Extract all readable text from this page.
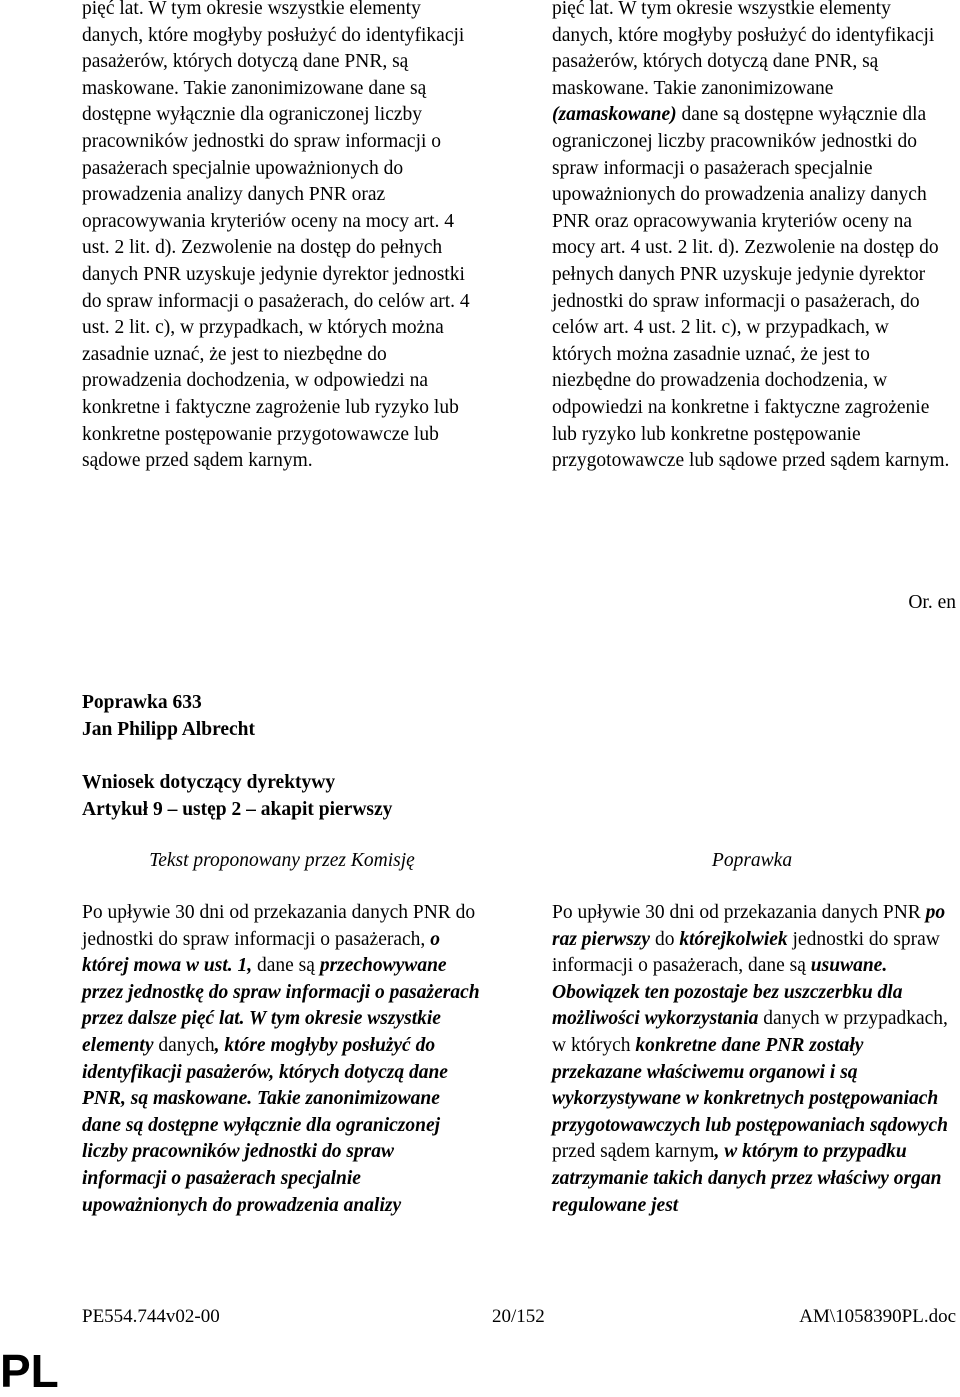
pięć lat. W tym okresie wszystkie elementy danych, które mogłyby posłużyć do identyfikacji pasażerów, których dotyczą dane PNR, są maskowane. Takie zanonimizowane dane są dostępne wyłącznie dla ograniczonej liczby pracowników jednostki do spraw informacji o pasażerach specjalnie upoważnionych do prowadzenia analizy danych PNR oraz opracowywania kryteriów oceny na mocy art. 4 ust. 2 lit. d). Zezwolenie na dostęp do pełnych danych PNR uzyskuje jedynie dyrektor jednostki do spraw informacji o pasażerach, do celów art. 4 ust. 2 lit. c), w przypadkach, w których można zasadnie uznać, że jest to niezbędne do prowadzenia dochodzenia, w odpowiedzi na konkretne i faktyczne zagrożenie lub ryzyko lub konkretne postępowanie przygotowawcze lub sądowe przed sądem karnym.

pięć lat. W tym okresie wszystkie elementy danych, które mogłyby posłużyć do identyfikacji pasażerów, których dotyczą dane PNR, są maskowane. Takie zanonimizowane (zamaskowane) dane są dostępne wyłącznie dla ograniczonej liczby pracowników jednostki do spraw informacji o pasażerach specjalnie upoważnionych do prowadzenia analizy danych PNR oraz opracowywania kryteriów oceny na mocy art. 4 ust. 2 lit. d). Zezwolenie na dostęp do pełnych danych PNR uzyskuje jedynie dyrektor jednostki do spraw informacji o pasażerach, do celów art. 4 ust. 2 lit. c), w przypadkach, w których można zasadnie uznać, że jest to niezbędne do prowadzenia dochodzenia, w odpowiedzi na konkretne i faktyczne zagrożenie lub ryzyko lub konkretne postępowanie przygotowawcze lub sądowe przed sądem karnym.

Or. en
Poprawka 633
Jan Philipp Albrecht
Wniosek dotyczący dyrektywy
Artykuł 9 – ustęp 2 – akapit pierwszy
Tekst proponowany przez Komisję	Poprawka

Po upływie 30 dni od przekazania danych PNR do jednostki do spraw informacji o pasażerach, o której mowa w ust. 1, dane są przechowywane przez jednostkę do spraw informacji o pasażerach przez dalsze pięć lat. W tym okresie wszystkie elementy danych, które mogłyby posłużyć do identyfikacji pasażerów, których dotyczą dane PNR, są maskowane. Takie zanonimizowane dane są dostępne wyłącznie dla ograniczonej liczby pracowników jednostki do spraw informacji o pasażerach specjalnie upoważnionych do prowadzenia analizy

Po upływie 30 dni od przekazania danych PNR po raz pierwszy do którejkolwiek jednostki do spraw informacji o pasażerach, dane są usuwane. Obowiązek ten pozostaje bez uszczerbku dla możliwości wykorzystania danych w przypadkach, w których konkretne dane PNR zostały przekazane właściwemu organowi i są wykorzystywane w konkretnych postępowaniach przygotowawczych lub postępowaniach sądowych przed sądem karnym, w którym to przypadku zatrzymanie takich danych przez właściwy organ regulowane jest

PE554.744v02-00	20/152	AM\1058390PL.doc
PL
